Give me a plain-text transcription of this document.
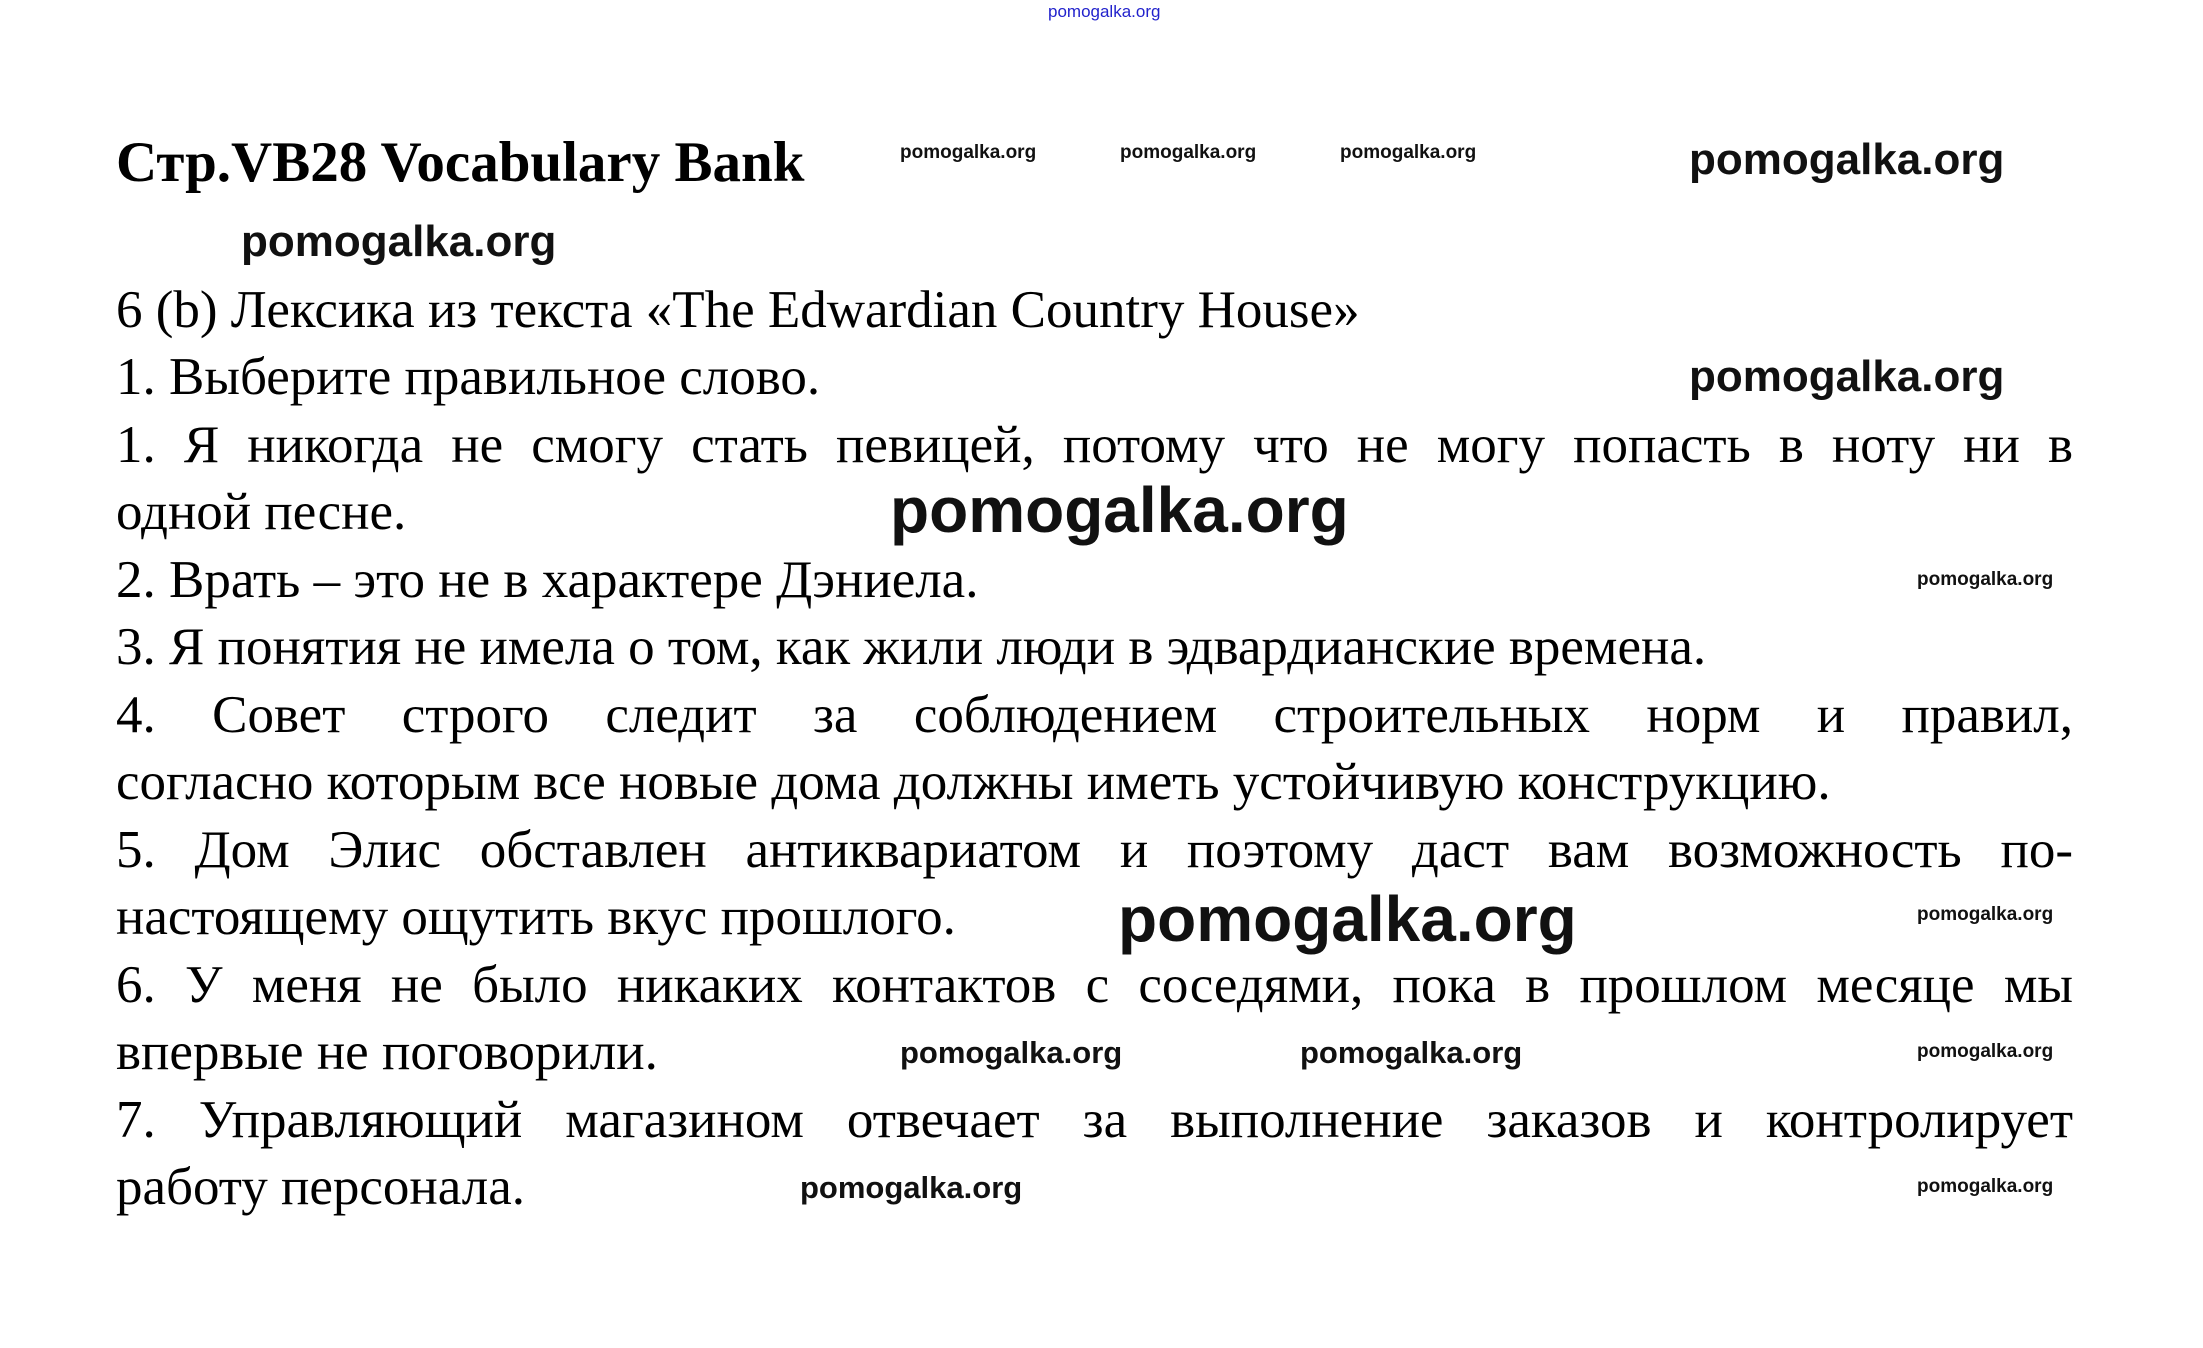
Стр.VB28 Vocabulary Bank
6 (b) Лексика из текста «The Edwardian Country House»
1. Выберите правильное слово.
1. Я никогда не смогу стать певицей, потому что не могу попасть в ноту ни в
одной песне.
2. Врать – это не в характере Дэниела.
3. Я понятия не имела о том, как жили люди в эдвардианские времена.
4. Совет строго следит за соблюдением строительных норм и правил,
согласно которым все новые дома должны иметь устойчивую конструкцию.
5. Дом Элис обставлен антиквариатом и поэтому даст вам возможность по-
настоящему ощутить вкус прошлого.
6. У меня не было никаких контактов с соседями, пока в прошлом месяце мы
впервые не поговорили.
7. Управляющий магазином отвечает за выполнение заказов и контролирует
работу персонала.
pomogalka.org
pomogalka.org	pomogalka.org	pomogalka.org	pomogalka.org
pomogalka.org
pomogalka.org
pomogalka.org
pomogalka.org
pomogalka.org
pomogalka.org
pomogalka.org
pomogalka.org	pomogalka.org	pomogalka.org
pomogalka.org
